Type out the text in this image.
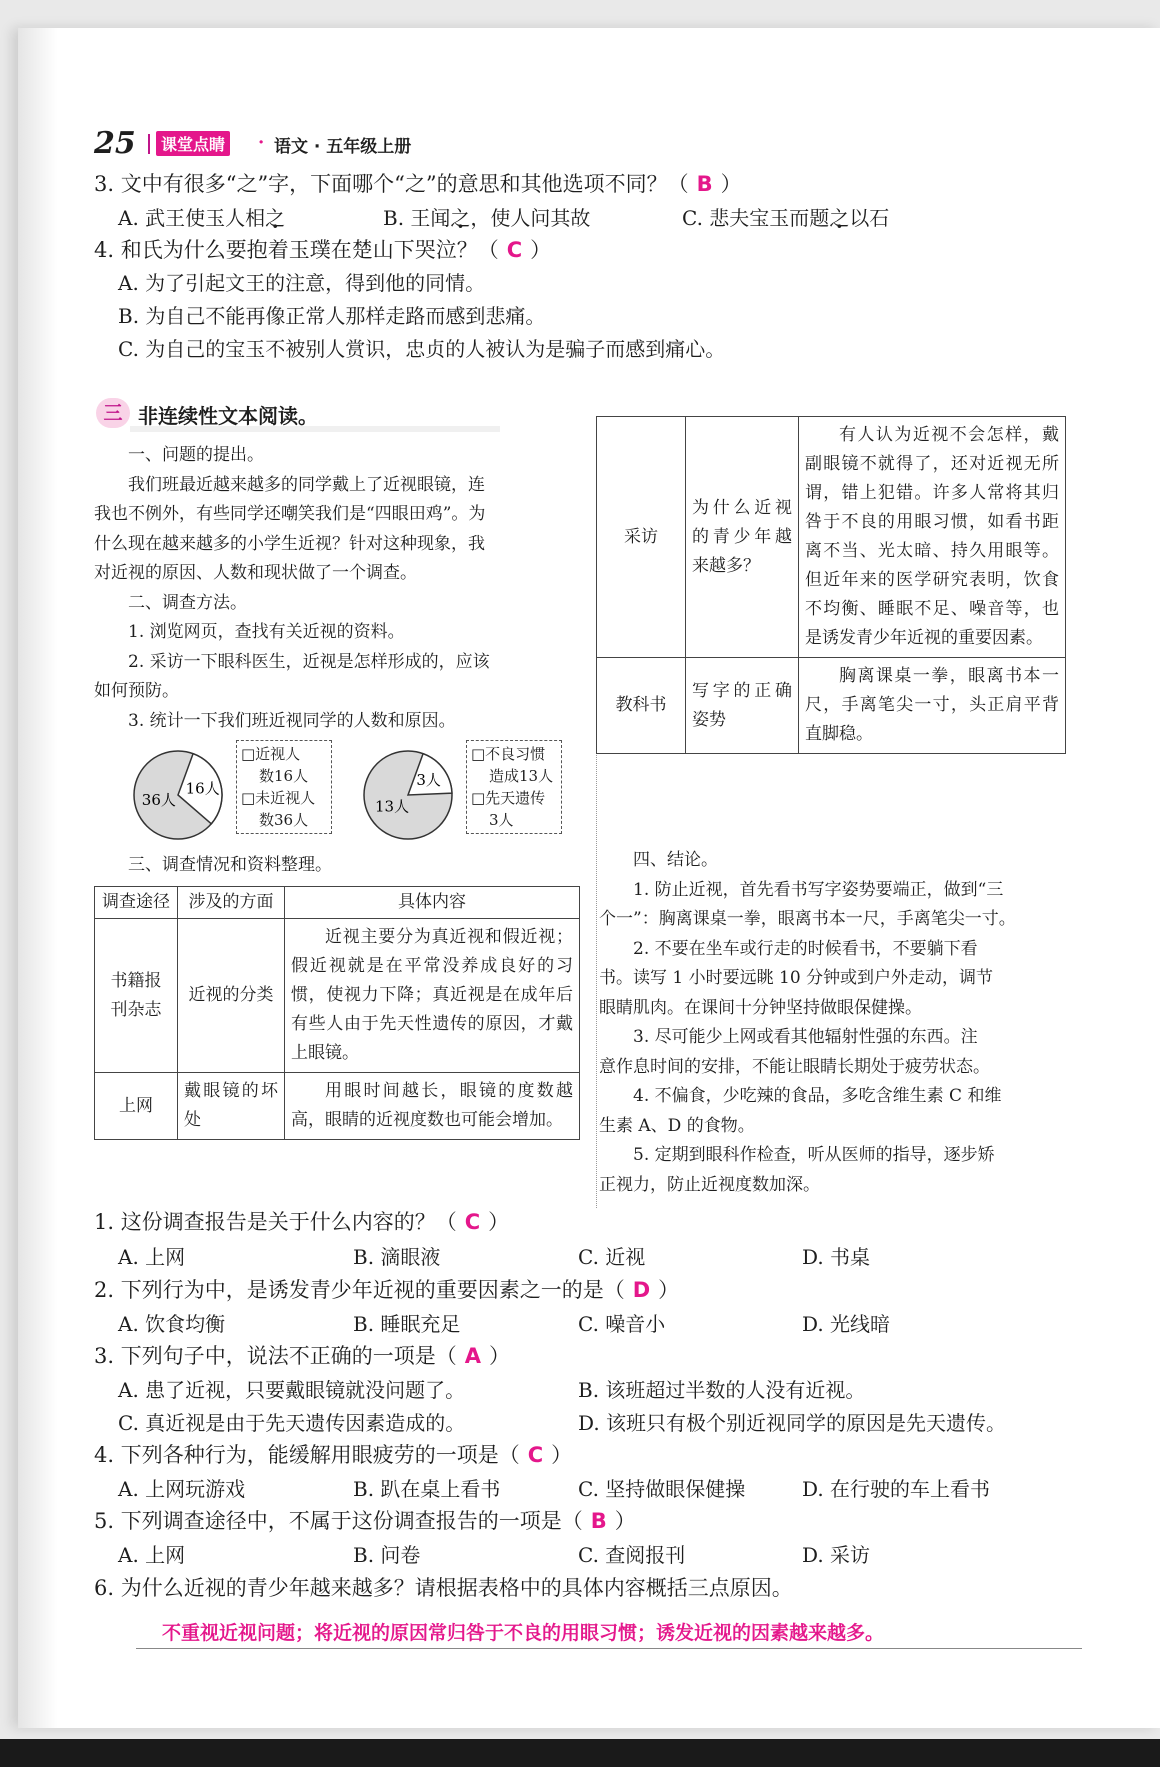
25	课堂点睛 · 语文 · 五年级上册
3. 文中有很多“之”字，下面哪个“之”的意思和其他选项不同？（ B ）
A. 武王使玉人相之	B. 王闻之，使人问其故	C. 悲夫宝玉而题之以石
4. 和氏为什么要抱着玉璞在楚山下哭泣？（ C ）
A. 为了引起文王的注意，得到他的同情。
B. 为自己不能再像正常人那样走路而感到悲痛。
C. 为自己的宝玉不被别人赏识，忠贞的人被认为是骗子而感到痛心。
三 非连续性文本阅读。
一、问题的提出。
我们班最近越来越多的同学戴上了近视眼镜，连
我也不例外，有些同学还嘲笑我们是“四眼田鸡”。为
什么现在越来越多的小学生近视？针对这种现象，我
对近视的原因、人数和现状做了一个调查。
二、调查方法。
1. 浏览网页，查找有关近视的资料。
2. 采访一下眼科医生，近视是怎样形成的，应该
如何预防。
3. 统计一下我们班近视同学的人数和原因。
16人
36人
3人
13人
□近视人
数16人
□未近视人
数36人
□不良习惯
造成13人
□先天遗传
3人
三、调查情况和资料整理。
调查途径	涉及的方面	具体内容
书籍报刊杂志	近视的分类	近视主要分为真近视和假近视；假近视就是在平常没养成良好的习惯，使视力下降；真近视是在成年后有些人由于先天性遗传的原因，才戴上眼镜。
上网	戴眼镜的坏处	用眼时间越长，眼镜的度数越高，眼睛的近视度数也可能会增加。
采访	为什么近视的青少年越来越多？	有人认为近视不会怎样，戴副眼镜不就得了，还对近视无所谓，错上犯错。许多人常将其归咎于不良的用眼习惯，如看书距离不当、光太暗、持久用眼等。但近年来的医学研究表明，饮食不均衡、睡眠不足、噪音等，也是诱发青少年近视的重要因素。
教科书	写字的正确姿势	胸离课桌一拳，眼离书本一尺，手离笔尖一寸，头正肩平背直脚稳。
四、结论。
1. 防止近视，首先看书写字姿势要端正，做到“三
个一”：胸离课桌一拳，眼离书本一尺，手离笔尖一寸。
2. 不要在坐车或行走的时候看书，不要躺下看
书。读写 1 小时要远眺 10 分钟或到户外走动，调节
眼睛肌肉。在课间十分钟坚持做眼保健操。
3. 尽可能少上网或看其他辐射性强的东西。注
意作息时间的安排，不能让眼睛长期处于疲劳状态。
4. 不偏食，少吃辣的食品，多吃含维生素 C 和维
生素 A、D 的食物。
5. 定期到眼科作检查，听从医师的指导，逐步矫
正视力，防止近视度数加深。
1. 这份调查报告是关于什么内容的？（ C ）
A. 上网	B. 滴眼液	C. 近视	D. 书桌
2. 下列行为中，是诱发青少年近视的重要因素之一的是（ D ）
A. 饮食均衡	B. 睡眠充足	C. 噪音小	D. 光线暗
3. 下列句子中，说法不正确的一项是（ A ）
A. 患了近视，只要戴眼镜就没问题了。	B. 该班超过半数的人没有近视。
C. 真近视是由于先天遗传因素造成的。	D. 该班只有极个别近视同学的原因是先天遗传。
4. 下列各种行为，能缓解用眼疲劳的一项是（ C ）
A. 上网玩游戏	B. 趴在桌上看书	C. 坚持做眼保健操	D. 在行驶的车上看书
5. 下列调查途径中，不属于这份调查报告的一项是（ B ）
A. 上网	B. 问卷	C. 查阅报刊	D. 采访
6. 为什么近视的青少年越来越多？请根据表格中的具体内容概括三点原因。
不重视近视问题；将近视的原因常归咎于不良的用眼习惯；诱发近视的因素越来越多。
